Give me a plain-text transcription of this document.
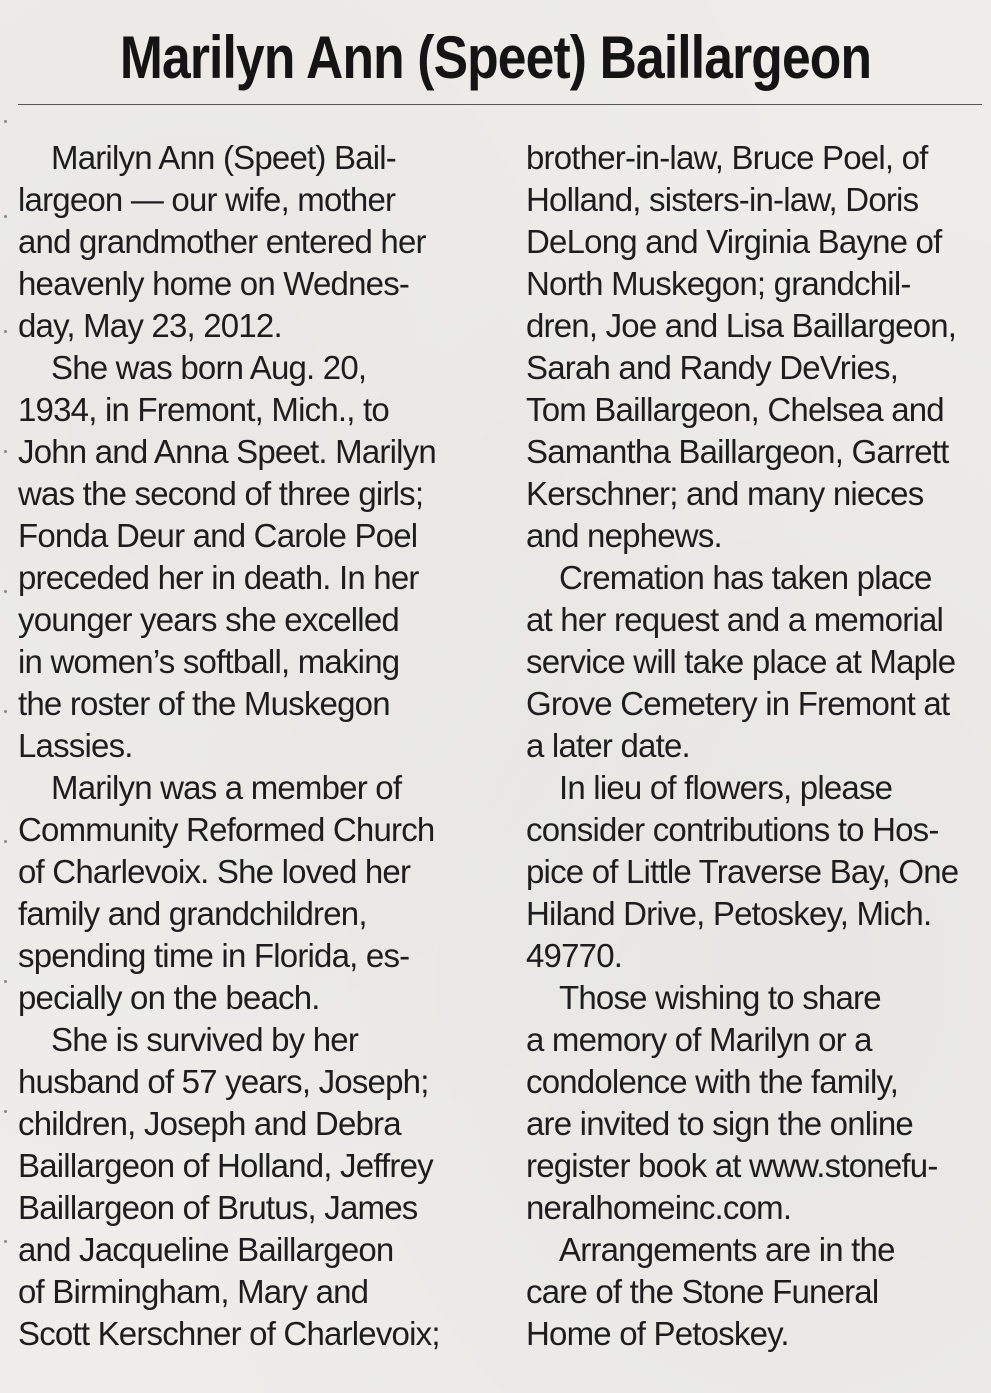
Marilyn Ann (Speet) Baillargeon
Marilyn Ann (Speet) Bail-
largeon — our wife, mother
and grandmother entered her
heavenly home on Wednes-
day, May 23, 2012.
She was born Aug. 20,
1934, in Fremont, Mich., to
John and Anna Speet. Marilyn
was the second of three girls;
Fonda Deur and Carole Poel
preceded her in death. In her
younger years she excelled
in women’s softball, making
the roster of the Muskegon
Lassies.
Marilyn was a member of
Community Reformed Church
of Charlevoix. She loved her
family and grandchildren,
spending time in Florida, es-
pecially on the beach.
She is survived by her
husband of 57 years, Joseph;
children, Joseph and Debra
Baillargeon of Holland, Jeffrey
Baillargeon of Brutus, James
and Jacqueline Baillargeon
of Birmingham, Mary and
Scott Kerschner of Charlevoix;
brother-in-law, Bruce Poel, of
Holland, sisters-in-law, Doris
DeLong and Virginia Bayne of
North Muskegon; grandchil-
dren, Joe and Lisa Baillargeon,
Sarah and Randy DeVries,
Tom Baillargeon, Chelsea and
Samantha Baillargeon, Garrett
Kerschner; and many nieces
and nephews.
Cremation has taken place
at her request and a memorial
service will take place at Maple
Grove Cemetery in Fremont at
a later date.
In lieu of flowers, please
consider contributions to Hos-
pice of Little Traverse Bay, One
Hiland Drive, Petoskey, Mich.
49770.
Those wishing to share
a memory of Marilyn or a
condolence with the family,
are invited to sign the online
register book at www.stonefu-
neralhomeinc.com.
Arrangements are in the
care of the Stone Funeral
Home of Petoskey.
